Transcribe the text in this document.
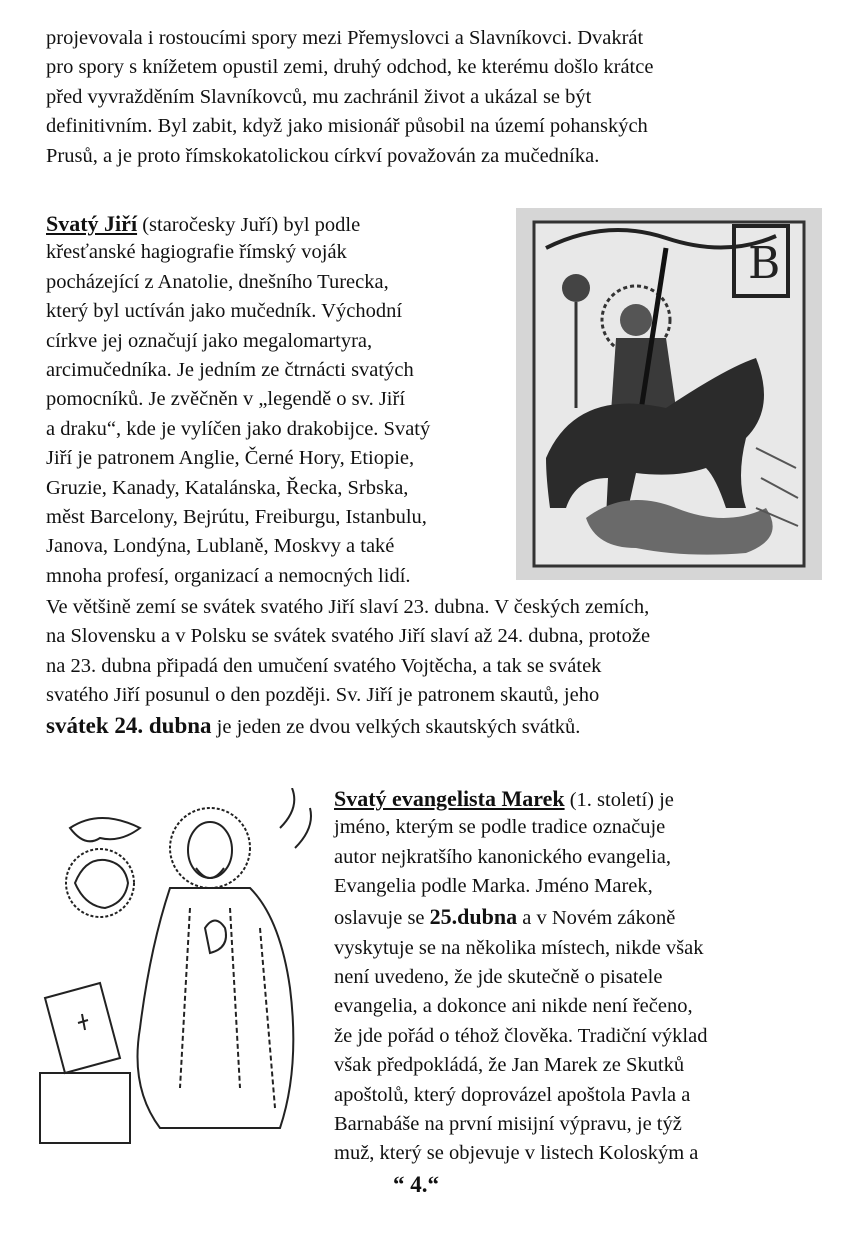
projevovala i rostoucími spory mezi Přemyslovci a Slavníkovci. Dvakrát
pro spory s knížetem opustil zemi, druhý odchod, ke kterému došlo krátce
před vyvražděním Slavníkovců, mu zachránil život a ukázal se být
definitivním. Byl zabit, když jako misionář působil na území pohanských
Prusů, a je proto římskokatolickou církví považován za mučedníka.
Svatý Jiří (staročesky Juří) byl podle
křesťanské hagiografie římský voják
pocházející z Anatolie, dnešního Turecka,
který byl uctíván jako mučedník. Východní
církve jej označují jako megalomartyra,
arcimučedníka. Je jedním ze čtrnácti svatých
pomocníků. Je zvěčněn v „legendě o sv. Jiří
a draku“, kde je vylíčen jako drakobijce. Svatý
Jiří je patronem Anglie, Černé Hory, Etiopie,
Gruzie, Kanady, Katalánska, Řecka, Srbska,
měst Barcelony, Bejrútu, Freiburgu, Istanbulu,
Janova, Londýna, Lublaně, Moskvy a také
mnoha profesí, organizací a nemocných lidí.
B
Ve většině zemí se svátek svatého Jiří slaví 23. dubna. V českých zemích,
na Slovensku a v Polsku se svátek svatého Jiří slaví až 24. dubna, protože
na 23. dubna připadá den umučení svatého Vojtěcha, a tak se svátek
svatého Jiří posunul o den později. Sv. Jiří je patronem skautů, jeho
svátek 24. dubna je jeden ze dvou velkých skautských svátků.
Svatý evangelista Marek (1. století) je
jméno, kterým se podle tradice označuje
autor nejkratšího kanonického evangelia,
Evangelia podle Marka. Jméno Marek,
oslavuje se 25.dubna a v Novém zákoně
vyskytuje se na několika místech, nikde však
není uvedeno, že jde skutečně o pisatele
evangelia, a dokonce ani nikde není řečeno,
že jde pořád o téhož člověka. Tradiční výklad
však předpokládá, že Jan Marek ze Skutků
apoštolů, který doprovázel apoštola Pavla a
Barnabáše na první misijní výpravu, je týž
muž, který se objevuje v listech Koloským a
“ 4.“
